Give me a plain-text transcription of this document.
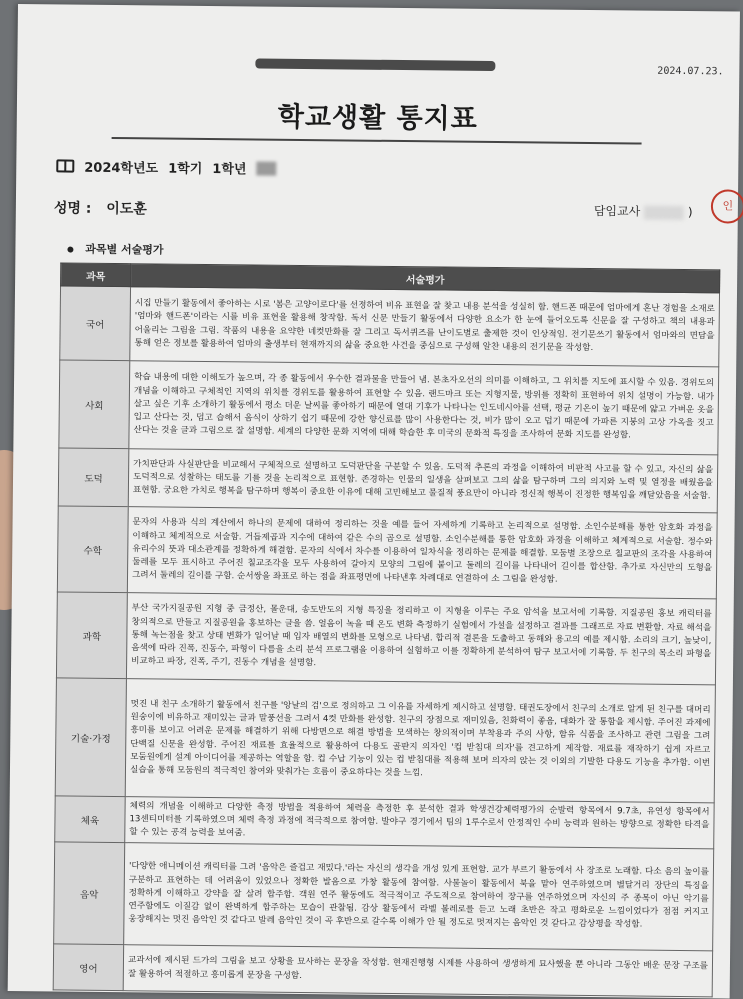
2024.07.23.
학교생활 통지표
2024학년도 1학기 1학년
성명 : 이도훈	담임교사	)	인
과목별 서술평가
과목	서술평가
국어	시집 만들기 활동에서 좋아하는 시로 '봄은 고양이로다'를 선정하여 비유 표현을 잘 찾고 내용 분석을 성실히 함. 핸드폰 때문에 엄마에게 혼난 경험을 소재로 '엄마와 핸드폰'이라는 시를 비유 표현을 활용해 창작함. 독서 신문 만들기 활동에서 다양한 요소가 한 눈에 들어오도록 신문을 잘 구성하고 책의 내용과 어울리는 그림을 그림. 작품의 내용을 요약한 네컷만화를 잘 그리고 독서퀴즈를 난이도별로 출제한 것이 인상적임. 전기문쓰기 활동에서 엄마와의 면담을 통해 얻은 정보를 활용하여 엄마의 출생부터 현재까지의 삶을 중요한 사건을 중심으로 구성해 알찬 내용의 전기문을 작성함.
사회	학습 내용에 대한 이해도가 높으며, 각 종 활동에서 우수한 결과물을 만들어 냄. 본초자오선의 의미를 이해하고, 그 위치를 지도에 표시할 수 있음. 경위도의 개념을 이해하고 구체적인 지역의 위치를 경위도를 활용하여 표현할 수 있음. 랜드마크 또는 지형지물, 방위를 정확히 표현하여 위치 설명이 가능함. 내가 살고 싶은 기후 소개하기 활동에서 평소 더운 날씨를 좋아하기 때문에 열대 기후가 나타나는 인도네시아를 선택, 평균 기온이 높기 때문에 얇고 가벼운 옷을 입고 산다는 것, 덥고 습해서 음식이 상하기 쉽기 때문에 강한 향신료를 많이 사용한다는 것, 비가 많이 오고 덥기 때문에 가파른 지붕의 고상 가옥을 짓고 산다는 것을 글과 그림으로 잘 설명함. 세계의 다양한 문화 지역에 대해 학습한 후 미국의 문화적 특징을 조사하여 문화 지도를 완성함.
도덕	가치판단과 사실판단을 비교해서 구체적으로 설명하고 도덕판단을 구분할 수 있음. 도덕적 추론의 과정을 이해하여 비판적 사고를 할 수 있고, 자신의 삶을 도덕적으로 성찰하는 태도를 기를 것을 논리적으로 표현함. 존경하는 인물의 일생을 살펴보고 그의 삶을 탐구하며 그의 의지와 노력 및 열정을 배웠음을 표현함. 궁요한 가치로 행복을 탐구하며 행복이 중요한 이유에 대해 고민해보고 물질적 풍요만이 아니라 정신적 행복이 진정한 행복임을 깨달았음을 서술함.
수학	문자의 사용과 식의 계산에서 하나의 문제에 대하여 정리하는 것을 예를 들어 자세하게 기록하고 논리적으로 설명함. 소인수분해를 통한 암호화 과정을 이해하고 체계적으로 서술함. 거듭제곱과 지수에 대하여 같은 수의 곱으로 설명함. 소인수분해를 통한 암호화 과정을 이해하고 체계적으로 서술함. 정수와 유리수의 뜻과 대소관계를 정확하게 해결함. 문자의 식에서 차수를 이용하여 일차식을 정리하는 문제를 해결함. 모둠별 조장으로 칠교판의 조각을 사용하여 둘레를 모두 표시하고 주어진 칠교조각을 모두 사용하여 갈아지 모양의 그림에 붙이고 둘레의 길이를 나타내어 길이를 합산함. 추가로 자신만의 도형을 그려서 둘레의 길이를 구함. 순서쌍을 좌표로 하는 점을 좌표평면에 나타낸후 차례대로 연결하여 소 그림을 완성함.
과학	부산 국가지질공원 지형 중 금정산, 몰운대, 송도반도의 지형 특징을 정리하고 이 지형을 이루는 주요 암석을 보고서에 기록함. 지질공원 홍보 캐릭터를 창의적으로 만들고 지질공원을 홍보하는 글을 씀. 얼음이 녹을 때 온도 변화 측정하기 실험에서 가설을 설정하고 결과를 그래프로 자료 변환함. 자료 해석을 통해 녹는점을 찾고 상태 변화가 일어날 때 입자 배열의 변화를 모형으로 나타냄. 합리적 결론을 도출하고 동해와 용고의 예를 제시함. 소리의 크기, 높낮이, 음색에 따라 진폭, 진동수, 파형이 다름을 소리 분석 프로그램을 이용하여 실험하고 이를 정확하게 분석하여 탐구 보고서에 기록함. 두 친구의 목소리 파형을 비교하고 파장, 진폭, 주기, 진동수 개념을 설명함.
기술·가정	멋진 내 친구 소개하기 활동에서 친구를 '앙날의 검'으로 정의하고 그 이유를 자세하게 제시하고 설명함. 태권도장에서 친구의 소개로 알게 된 친구를 대머리 원숭이에 비유하고 재미있는 글과 말풍선을 그려서 4컷 만화를 완성함. 친구의 장점으로 재미있음, 친화력이 좋음, 대화가 잘 통함을 제시함. 주어진 과제에 흥미를 보이고 어려운 문제를 해결하기 위해 다방면으로 해결 방법을 모색하는 창의적이며 부착용과 주의 사항, 함유 식품을 조사하고 관련 그림을 그려 단백질 신문을 완성함. 주어진 재료를 효율적으로 활용하여 다용도 골판지 의자인 '컵 받침대 의자'를 견고하게 제작함. 재료를 재작하기 쉽게 자르고 모둠원에게 설계 아이디어를 제공하는 역할을 함. 컵 수납 기능이 있는 컵 받침대를 적용해 보며 의자의 앉는 것 이외의 기발한 다용도 기능을 추가함. 이번 실습을 통해 모둠원의 적극적인 참여와 맞춰가는 흐름이 중요하다는 것을 느낌.
체육	체력의 개념을 이해하고 다양한 측정 방법을 적용하여 체력을 측정한 후 분석한 결과 학생건강체력평가의 순발력 항목에서 9.7초, 유연성 항목에서 13센티미터를 기록하였으며 체력 측정 과정에 적극적으로 참여함. 발야구 경기에서 팀의 1루수로서 안정적인 수비 능력과 원하는 방향으로 정확한 타격을 할 수 있는 공격 능력을 보여줌.
음악	'다양한 애니메이션 캐릭터를 그려 '음악은 즐겁고 재밌다.'라는 자신의 생각을 개성 있게 표현함. 교가 부르기 활동에서 사 장조로 노래함. 다소 음의 높이를 구분하고 표현하는 데 어려움이 있었으나 정확한 발음으로 가창 활동에 참여함. 사물놀이 활동에서 북을 맡아 연주하였으며 별달거리 장단의 특징을 정확하게 이해하고 강약을 잘 살려 합주함. 객원 연주 활동에도 적극적이고 주도적으로 참여하여 장구를 연주하였으며 자신의 주 종목이 아닌 악기를 연주함에도 이질감 없이 완벽하게 합주하는 모습이 관찰됨. 감상 활동에서 라벨 볼레로를 듣고 노래 초반은 작고 평화로운 느낌이었다가 점점 커지고 웅장해지는 멋진 음악인 것 같다고 발레 음악인 것이 곡 후반으로 갈수록 이해가 안 될 정도로 멋져지는 음악인 것 같다고 감상평을 작성함.
영어	교과서에 제시된 드가의 그림을 보고 상황을 묘사하는 문장을 작성함. 현재진행형 시제를 사용하여 생생하게 묘사했을 뿐 아니라 그동안 배운 문장 구조를 잘 활용하여 적절하고 흥미롭게 문장을 구성함.
